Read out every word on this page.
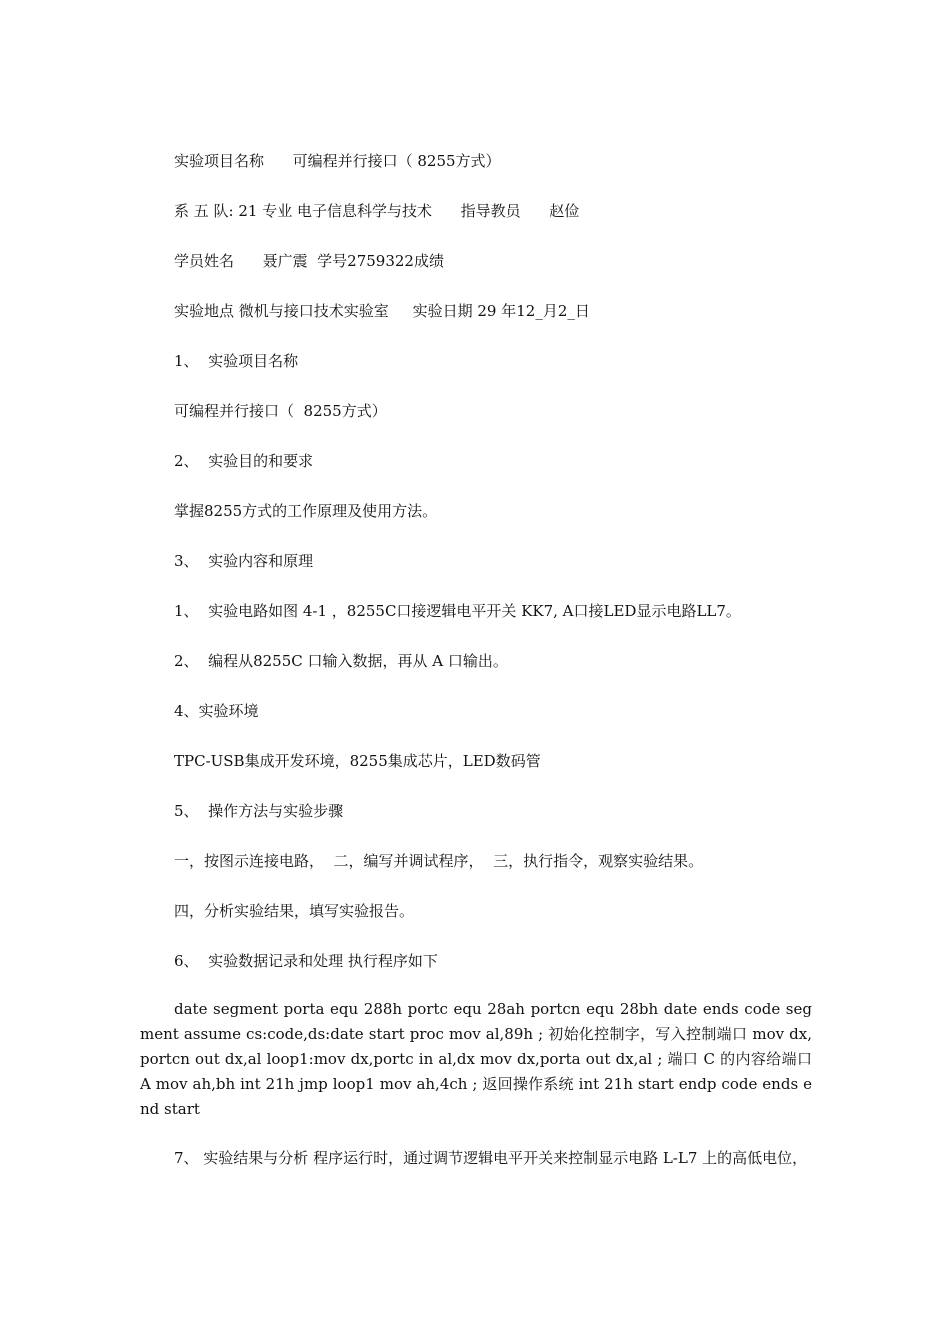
实验项目名称      可编程并行接口（ 8255方式）

系 五 队: 21 专业 电子信息科学与技术      指导教员      赵俭

学员姓名      聂广震  学号2759322成绩

实验地点 微机与接口技术实验室     实验日期 29 年12_月2_日

1、  实验项目名称

可编程并行接口（  8255方式）

2、  实验目的和要求

掌握8255方式的工作原理及使用方法。

3、  实验内容和原理

1、  实验电路如图 4-1 ，8255C口接逻辑电平开关 KK7, A口接LED显示电路LL7。

2、  编程从8255C 口输入数据，再从 A 口输出。

4、实验环境

TPC-USB集成开发环境，8255集成芯片，LED数码管

5、  操作方法与实验步骤

一，按图示连接电路，  二，编写并调试程序，  三，执行指令，观察实验结果。

四，分析实验结果，填写实验报告。

6、  实验数据记录和处理 执行程序如下

date segment porta equ 288h portc equ 28ah portcn equ 28bh date ends code segment assume cs:code,ds:date start proc mov al,89h ; 初始化控制字，写入控制端口 mov dx,portcn out dx,al loop1:mov dx,portc in al,dx mov dx,porta out dx,al ; 端口 C 的内容给端口 A mov ah,bh int 21h jmp loop1 mov ah,4ch ; 返回操作系统 int 21h start endp code ends end start

7、 实验结果与分析 程序运行时，通过调节逻辑电平开关来控制显示电路 L-L7 上的高低电位，
